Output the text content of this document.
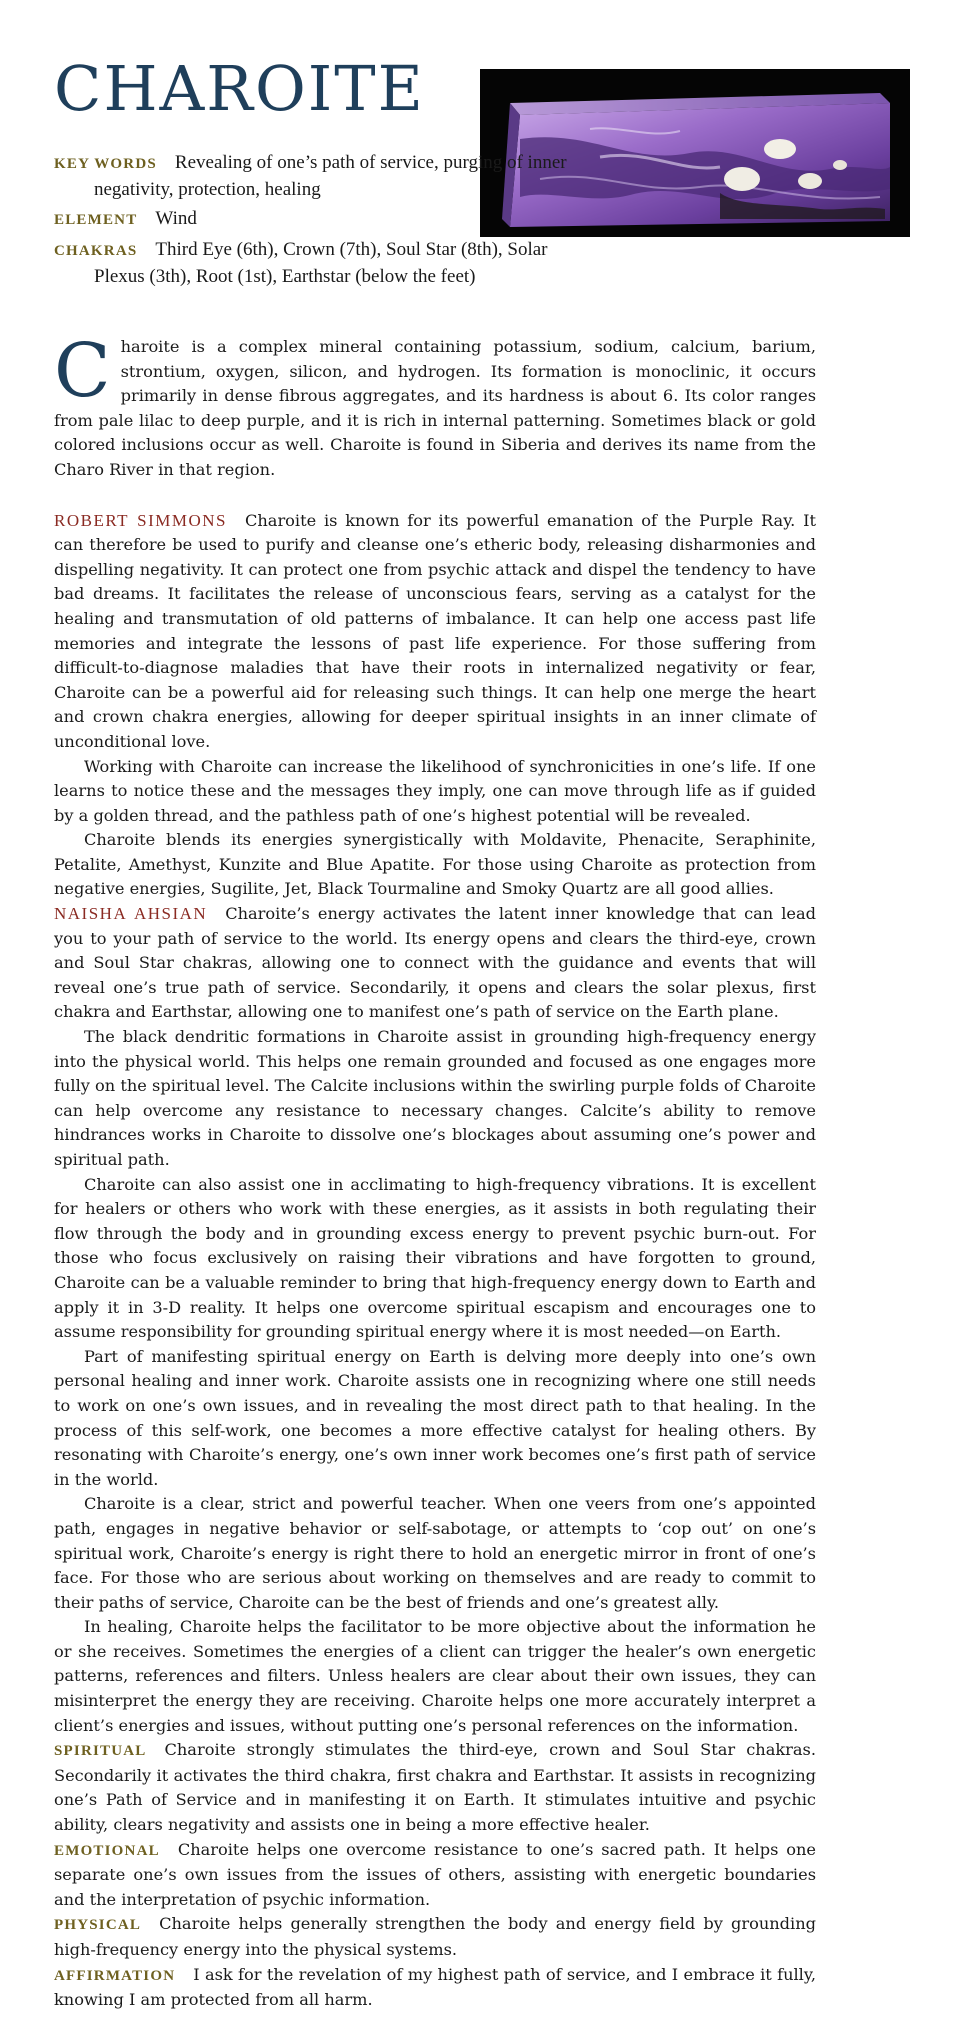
CHAROITE

KEY WORDS Revealing of one’s path of service, purging of inner negativity, protection, healing

ELEMENT Wind

CHAKRAS Third Eye (6th), Crown (7th), Soul Star (8th), Solar Plexus (3th), Root (1st), Earthstar (below the feet)

Charoite is a complex mineral containing potassium, sodium, calcium, barium, strontium, oxygen, silicon, and hydrogen. Its formation is monoclinic, it occurs primarily in dense fibrous aggregates, and its hardness is about 6. Its color ranges from pale lilac to deep purple, and it is rich in internal patterning. Sometimes black or gold colored inclusions occur as well. Charoite is found in Siberia and derives its name from the Charo River in that region.

ROBERT SIMMONS Charoite is known for its powerful emanation of the Purple Ray. It can therefore be used to purify and cleanse one’s etheric body, releasing disharmonies and dispelling negativity. It can protect one from psychic attack and dispel the tendency to have bad dreams. It facilitates the release of unconscious fears, serving as a catalyst for the healing and transmutation of old patterns of imbalance. It can help one access past life memories and integrate the lessons of past life experience. For those suffering from difficult-to-diagnose maladies that have their roots in internalized negativity or fear, Charoite can be a powerful aid for releasing such things. It can help one merge the heart and crown chakra energies, allowing for deeper spiritual insights in an inner climate of unconditional love.

Working with Charoite can increase the likelihood of synchronicities in one’s life. If one learns to notice these and the messages they imply, one can move through life as if guided by a golden thread, and the pathless path of one’s highest potential will be revealed.

Charoite blends its energies synergistically with Moldavite, Phenacite, Seraphinite, Petalite, Amethyst, Kunzite and Blue Apatite. For those using Charoite as protection from negative energies, Sugilite, Jet, Black Tourmaline and Smoky Quartz are all good allies.

NAISHA AHSIAN Charoite’s energy activates the latent inner knowledge that can lead you to your path of service to the world. Its energy opens and clears the third-eye, crown and Soul Star chakras, allowing one to connect with the guidance and events that will reveal one’s true path of service. Secondarily, it opens and clears the solar plexus, first chakra and Earthstar, allowing one to manifest one’s path of service on the Earth plane.

The black dendritic formations in Charoite assist in grounding high-frequency energy into the physical world. This helps one remain grounded and focused as one engages more fully on the spiritual level. The Calcite inclusions within the swirling purple folds of Charoite can help overcome any resistance to necessary changes. Calcite’s ability to remove hindrances works in Charoite to dissolve one’s blockages about assuming one’s power and spiritual path.

Charoite can also assist one in acclimating to high-frequency vibrations. It is excellent for healers or others who work with these energies, as it assists in both regulating their flow through the body and in grounding excess energy to prevent psychic burn-out. For those who focus exclusively on raising their vibrations and have forgotten to ground, Charoite can be a valuable reminder to bring that high-frequency energy down to Earth and apply it in 3-D reality. It helps one overcome spiritual escapism and encourages one to assume responsibility for grounding spiritual energy where it is most needed—on Earth.

Part of manifesting spiritual energy on Earth is delving more deeply into one’s own personal healing and inner work. Charoite assists one in recognizing where one still needs to work on one’s own issues, and in revealing the most direct path to that healing. In the process of this self-work, one becomes a more effective catalyst for healing others. By resonating with Charoite’s energy, one’s own inner work becomes one’s first path of service in the world.

Charoite is a clear, strict and powerful teacher. When one veers from one’s appointed path, engages in negative behavior or self-sabotage, or attempts to ‘cop out’ on one’s spiritual work, Charoite’s energy is right there to hold an energetic mirror in front of one’s face. For those who are serious about working on themselves and are ready to commit to their paths of service, Charoite can be the best of friends and one’s greatest ally.

In healing, Charoite helps the facilitator to be more objective about the information he or she receives. Sometimes the energies of a client can trigger the healer’s own energetic patterns, references and filters. Unless healers are clear about their own issues, they can misinterpret the energy they are receiving. Charoite helps one more accurately interpret a client’s energies and issues, without putting one’s personal references on the information.

SPIRITUAL Charoite strongly stimulates the third-eye, crown and Soul Star chakras. Secondarily it activates the third chakra, first chakra and Earthstar. It assists in recognizing one’s Path of Service and in manifesting it on Earth. It stimulates intuitive and psychic ability, clears negativity and assists one in being a more effective healer.

EMOTIONAL Charoite helps one overcome resistance to one’s sacred path. It helps one separate one’s own issues from the issues of others, assisting with energetic boundaries and the interpretation of psychic information.

PHYSICAL Charoite helps generally strengthen the body and energy field by grounding high-frequency energy into the physical systems.

AFFIRMATION I ask for the revelation of my highest path of service, and I embrace it fully, knowing I am protected from all harm.
